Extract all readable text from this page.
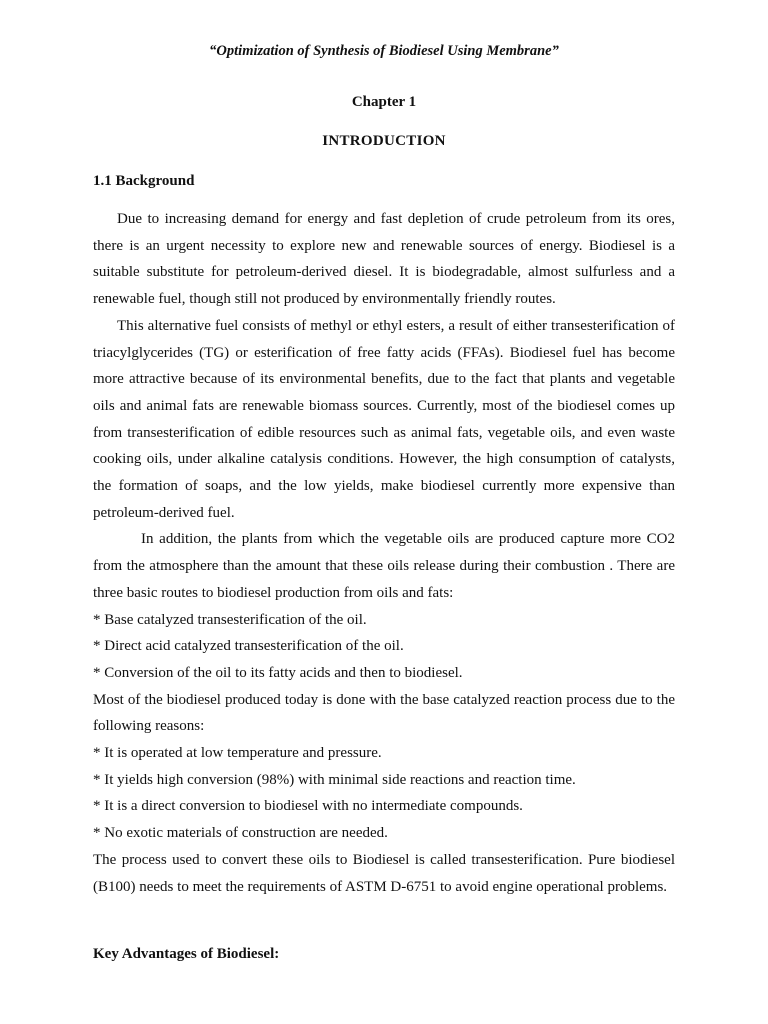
“Optimization of Synthesis of Biodiesel Using Membrane”
Chapter 1
INTRODUCTION
1.1 Background

Due to increasing demand for energy and fast depletion of crude petroleum from its ores, there is an urgent necessity to explore new and renewable sources of energy. Biodiesel is a suitable substitute for petroleum-derived diesel. It is biodegradable, almost sulfurless and a renewable fuel, though still not produced by environmentally friendly routes.

This alternative fuel consists of methyl or ethyl esters, a result of either transesterification of triacylglycerides (TG) or esterification of free fatty acids (FFAs). Biodiesel fuel has become more attractive because of its environmental benefits, due to the fact that plants and vegetable oils and animal fats are renewable biomass sources. Currently, most of the biodiesel comes up from transesterification of edible resources such as animal fats, vegetable oils, and even waste cooking oils, under alkaline catalysis conditions. However, the high consumption of catalysts, the formation of soaps, and the low yields, make biodiesel currently more expensive than petroleum-derived fuel.

In addition, the plants from which the vegetable oils are produced capture more CO2 from the atmosphere than the amount that these oils release during their combustion . There are three basic routes to biodiesel production from oils and fats:

* Base catalyzed transesterification of the oil.

* Direct acid catalyzed transesterification of the oil.

* Conversion of the oil to its fatty acids and then to biodiesel.

Most of the biodiesel produced today is done with the base catalyzed reaction process due to the following reasons:

* It is operated at low temperature and pressure.

* It yields high conversion (98%) with minimal side reactions and reaction time.

* It is a direct conversion to biodiesel with no intermediate compounds.

* No exotic materials of construction are needed.

The process used to convert these oils to Biodiesel is called transesterification. Pure biodiesel (B100) needs to meet the requirements of ASTM D-6751 to avoid engine operational problems.

Key Advantages of Biodiesel:
